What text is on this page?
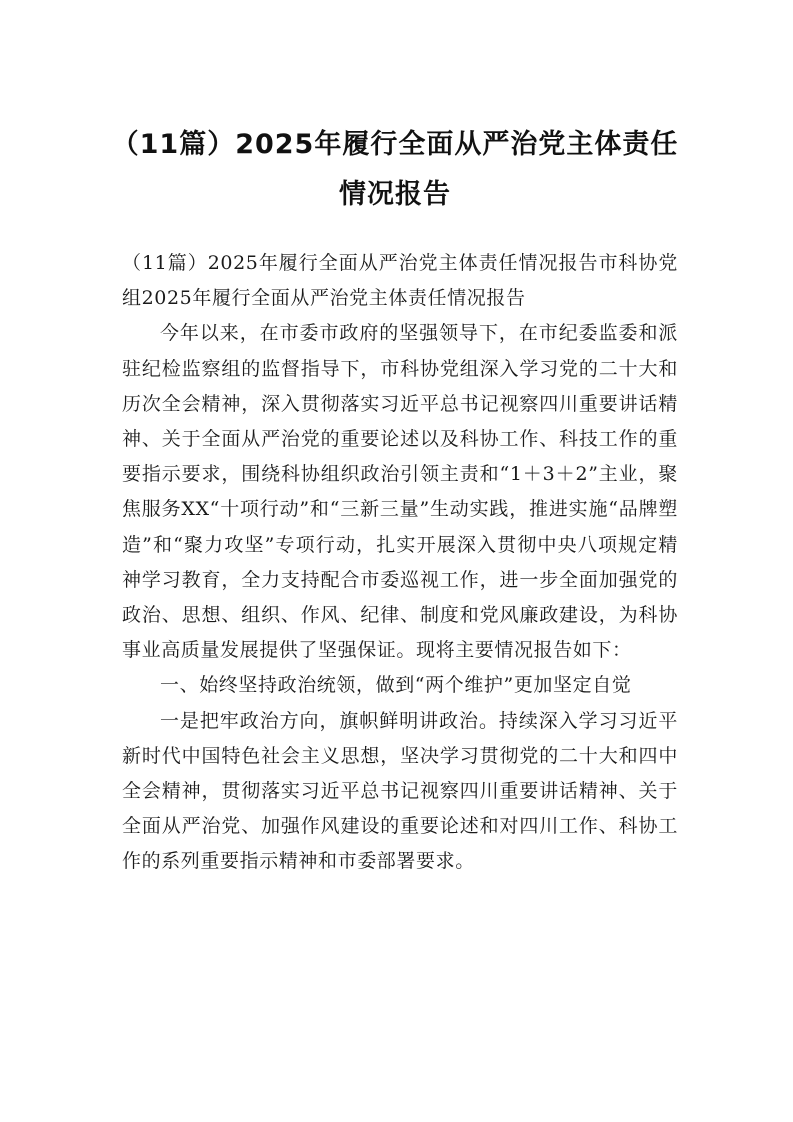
（11篇）2025年履行全面从严治党主体责任情况报告

（11篇）2025年履行全面从严治党主体责任情况报告市科协党组2025年履行全面从严治党主体责任情况报告

今年以来，在市委市政府的坚强领导下，在市纪委监委和派驻纪检监察组的监督指导下，市科协党组深入学习党的二十大和历次全会精神，深入贯彻落实习近平总书记视察四川重要讲话精神、关于全面从严治党的重要论述以及科协工作、科技工作的重要指示要求，围绕科协组织政治引领主责和“1＋3＋2”主业，聚焦服务XX“十项行动”和“三新三量”生动实践，推进实施“品牌塑造”和“聚力攻坚”专项行动，扎实开展深入贯彻中央八项规定精神学习教育，全力支持配合市委巡视工作，进一步全面加强党的政治、思想、组织、作风、纪律、制度和党风廉政建设，为科协事业高质量发展提供了坚强保证。现将主要情况报告如下：

一、始终坚持政治统领，做到“两个维护”更加坚定自觉

一是把牢政治方向，旗帜鲜明讲政治。持续深入学习习近平新时代中国特色社会主义思想，坚决学习贯彻党的二十大和四中全会精神，贯彻落实习近平总书记视察四川重要讲话精神、关于全面从严治党、加强作风建设的重要论述和对四川工作、科协工作的系列重要指示精神和市委部署要求。
